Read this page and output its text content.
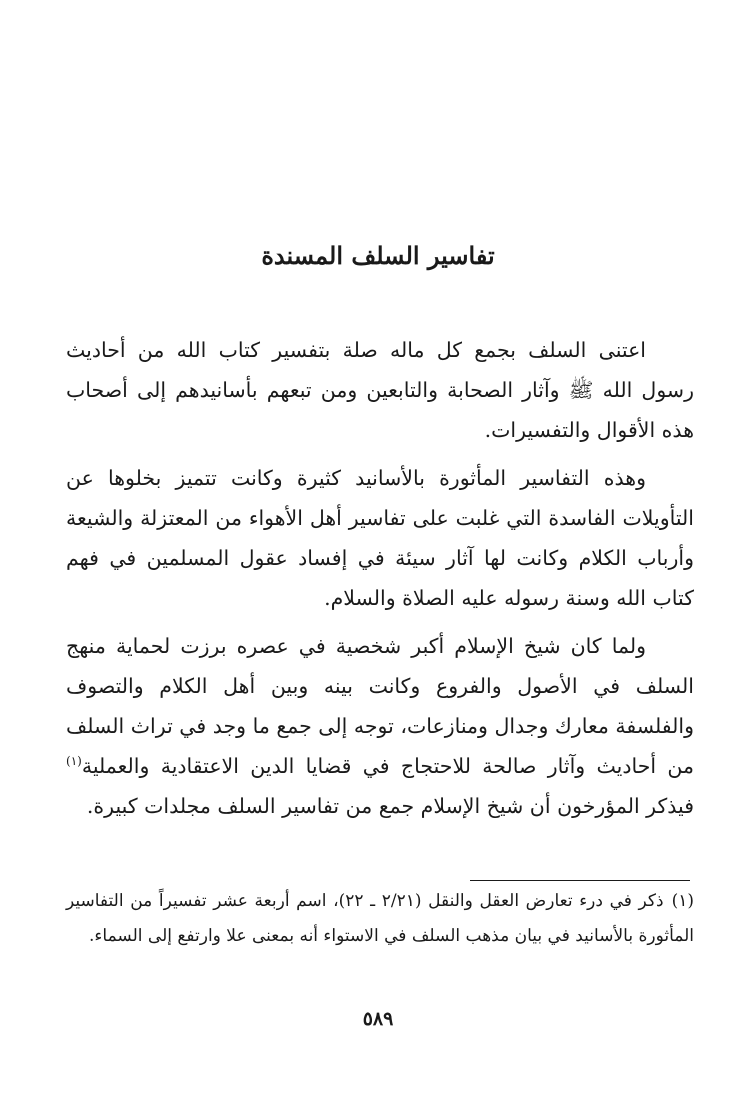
تفاسير السلف المسندة

اعتنى السلف بجمع كل ماله صلة بتفسير كتاب الله من أحاديث رسول الله ﷺ وآثار الصحابة والتابعين ومن تبعهم بأسانيدهم إلى أصحاب هذه الأقوال والتفسيرات.

وهذه التفاسير المأثورة بالأسانيد كثيرة وكانت تتميز بخلوها عن التأويلات الفاسدة التي غلبت على تفاسير أهل الأهواء من المعتزلة والشيعة وأرباب الكلام وكانت لها آثار سيئة في إفساد عقول المسلمين في فهم كتاب الله وسنة رسوله عليه الصلاة والسلام.

ولما كان شيخ الإسلام أكبر شخصية في عصره برزت لحماية منهج السلف في الأصول والفروع وكانت بينه وبين أهل الكلام والتصوف والفلسفة معارك وجدال ومنازعات، توجه إلى جمع ما وجد في تراث السلف من أحاديث وآثار صالحة للاحتجاج في قضايا الدين الاعتقادية والعملية$^{(١)}$ فيذكر المؤرخون أن شيخ الإسلام جمع من تفاسير السلف مجلدات كبيرة.

(١)ذكر في درء تعارض العقل والنقل (٢/٢١ ـ ٢٢)، اسم أربعة عشر تفسيراً من التفاسير المأثورة بالأسانيد في بيان مذهب السلف في الاستواء أنه بمعنى علا وارتفع إلى السماء.

٥٨٩
